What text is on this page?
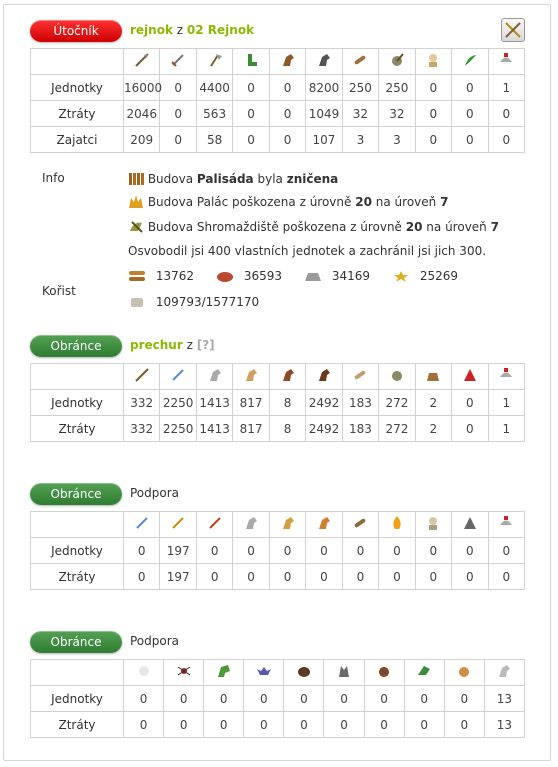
Útočník	rejnok z 02 Rejnok

Jednotky	16000	0	4400	0	0	8200	250	250	0	0	1
Ztráty	2046	0	563	0	0	1049	32	32	0	0	0
Zajatci	209	0	58	0	0	107	3	3	0	0	0
Info	Budova Palisáda byla zničena
Budova Palác poškozena z úrovně 20 na úroveň 7
Budova Shromaždiště poškozena z úrovně 20 na úroveň 7
Osvobodil jsi 400 vlastních jednotek a zachránil jsi jich 300.
Kořist
13762	36593	34169	25269
109793/1577170
Obránce	prechur z [?]

Jednotky	332	2250	1413	817	8	2492	183	272	2	0	1
Ztráty	332	2250	1413	817	8	2492	183	272	2	0	1
Obránce	Podpora

Jednotky	0	197	0	0	0	0	0	0	0	0	0
Ztráty	0	197	0	0	0	0	0	0	0	0	0
Obránce	Podpora

Jednotky	0	0	0	0	0	0	0	0	0	13
Ztráty	0	0	0	0	0	0	0	0	0	13
